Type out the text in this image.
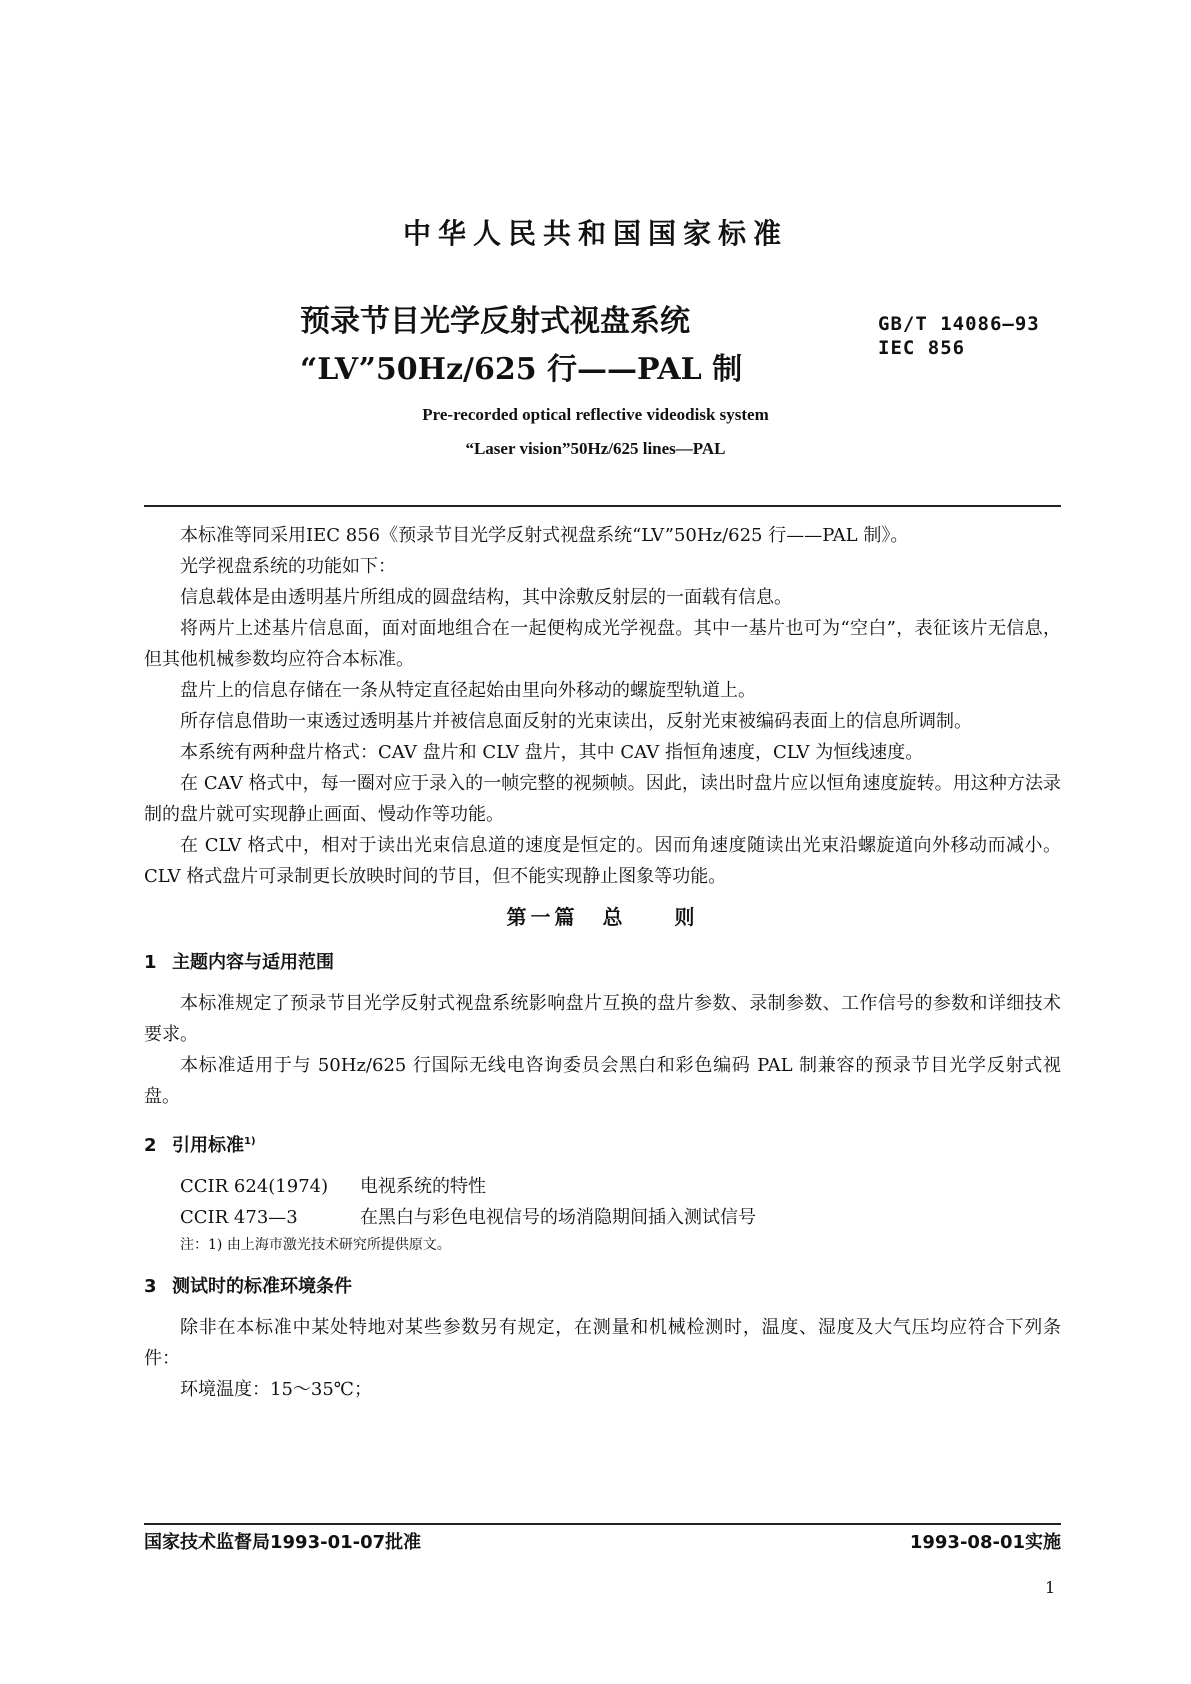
中华人民共和国国家标准
预录节目光学反射式视盘系统
“LV”50Hz/625 行——PAL 制
GB/T 14086—93
IEC 856
Pre-recorded optical reflective videodisk system
“Laser vision”50Hz/625 lines—PAL

本标准等同采用IEC 856《预录节目光学反射式视盘系统“LV”50Hz/625 行——PAL 制》。

光学视盘系统的功能如下：

信息载体是由透明基片所组成的圆盘结构，其中涂敷反射层的一面载有信息。

将两片上述基片信息面，面对面地组合在一起便构成光学视盘。其中一基片也可为“空白”，表征该片无信息，但其他机械参数均应符合本标准。

盘片上的信息存储在一条从特定直径起始由里向外移动的螺旋型轨道上。

所存信息借助一束透过透明基片并被信息面反射的光束读出，反射光束被编码表面上的信息所调制。

本系统有两种盘片格式：CAV 盘片和 CLV 盘片，其中 CAV 指恒角速度，CLV 为恒线速度。

在 CAV 格式中，每一圈对应于录入的一帧完整的视频帧。因此，读出时盘片应以恒角速度旋转。用这种方法录制的盘片就可实现静止画面、慢动作等功能。

在 CLV 格式中，相对于读出光束信息道的速度是恒定的。因而角速度随读出光束沿螺旋道向外移动而减小。CLV 格式盘片可录制更长放映时间的节目，但不能实现静止图象等功能。

第一篇　总　　则
1 主题内容与适用范围

本标准规定了预录节目光学反射式视盘系统影响盘片互换的盘片参数、录制参数、工作信号的参数和详细技术要求。

本标准适用于与 50Hz/625 行国际无线电咨询委员会黑白和彩色编码 PAL 制兼容的预录节目光学反射式视盘。

2 引用标准$^{1)}$

CCIR 624(1974) 电视系统的特性

CCIR 473—3	在黑白与彩色电视信号的场消隐期间插入测试信号

注：1) 由上海市激光技术研究所提供原文。

3 测试时的标准环境条件

除非在本标准中某处特地对某些参数另有规定，在测量和机械检测时，温度、湿度及大气压均应符合下列条件：

环境温度：15～35℃；

国家技术监督局1993-01-07批准	1993-08-01实施
1
